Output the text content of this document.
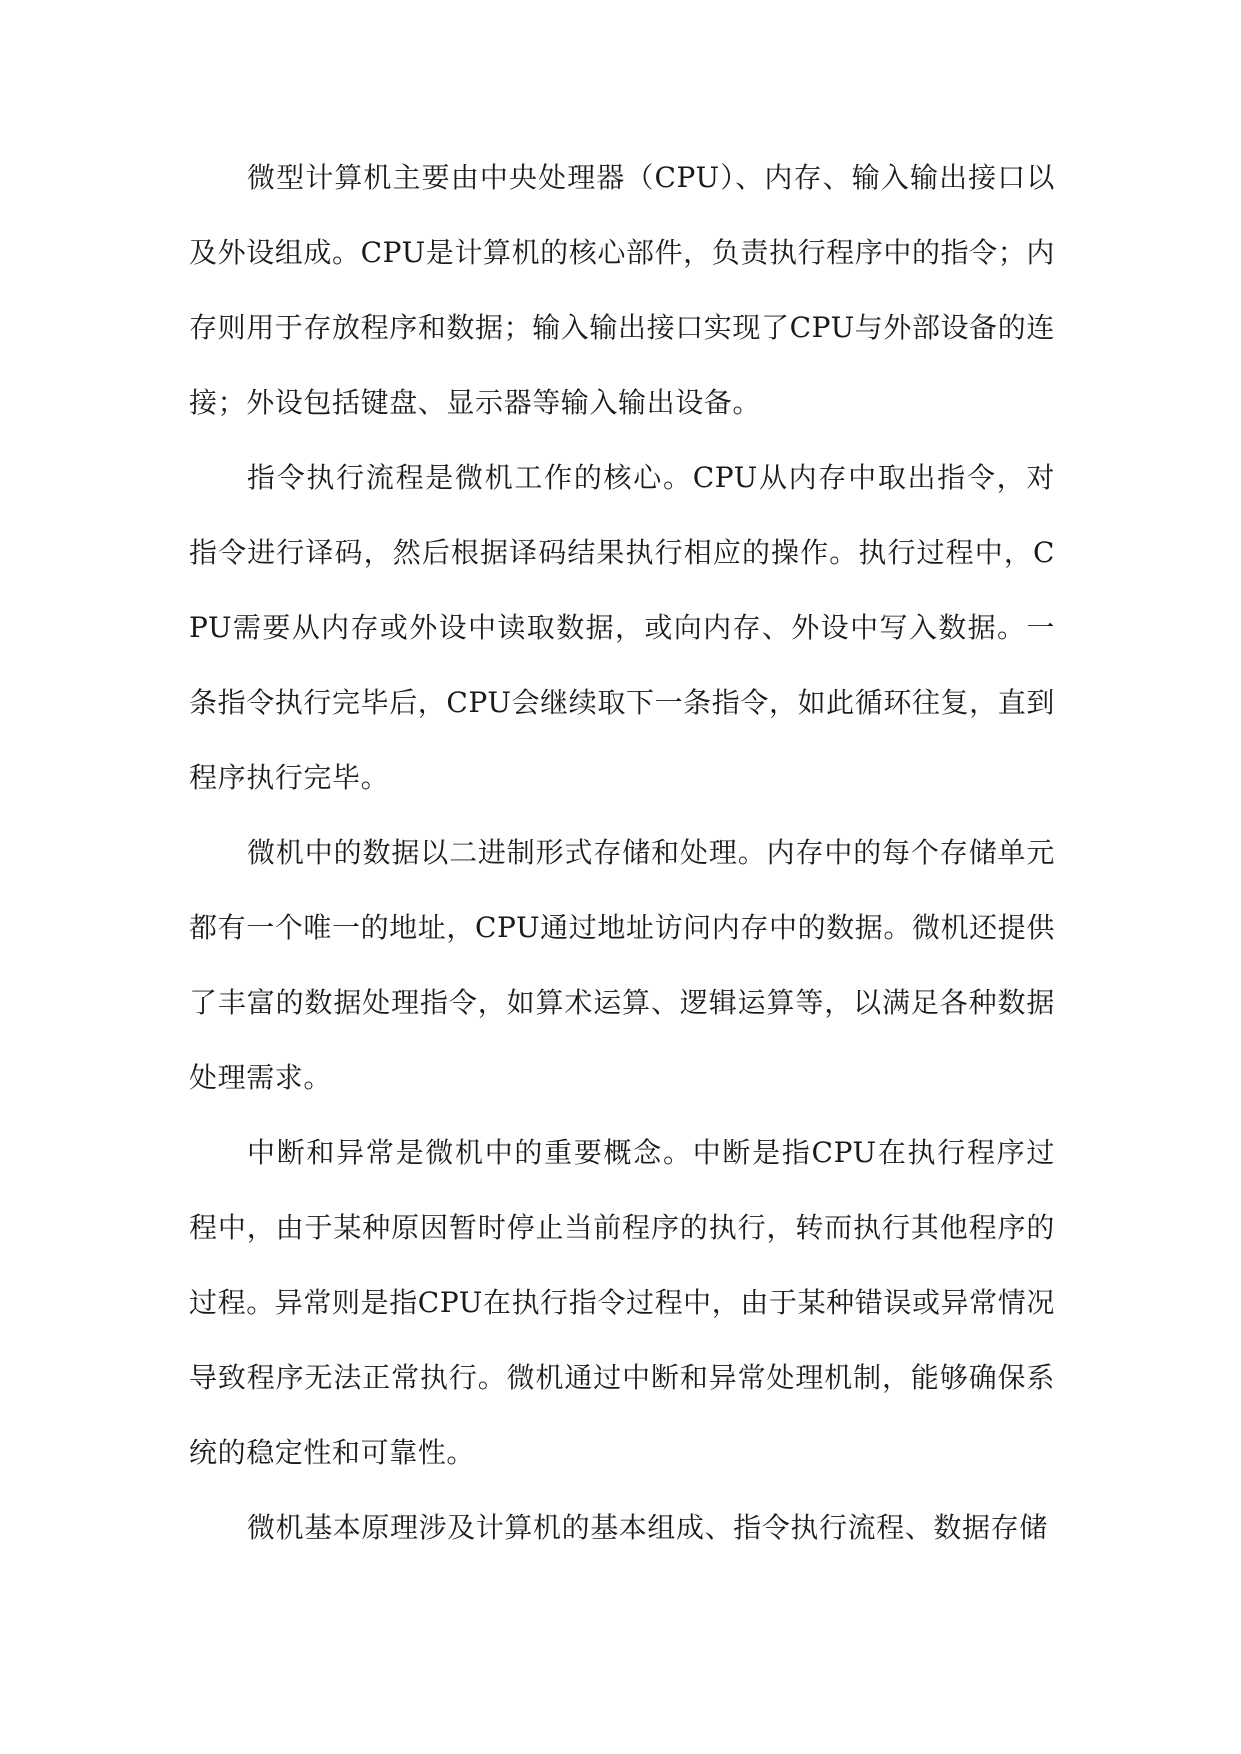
微型计算机主要由中央处理器（CPU）、内存、输入输出接口以及外设组成。CPU是计算机的核心部件，负责执行程序中的指令；内存则用于存放程序和数据；输入输出接口实现了CPU与外部设备的连接；外设包括键盘、显示器等输入输出设备。

指令执行流程是微机工作的核心。CPU从内存中取出指令，对指令进行译码，然后根据译码结果执行相应的操作。执行过程中，CPU需要从内存或外设中读取数据，或向内存、外设中写入数据。一条指令执行完毕后，CPU会继续取下一条指令，如此循环往复，直到程序执行完毕。

微机中的数据以二进制形式存储和处理。内存中的每个存储单元都有一个唯一的地址，CPU通过地址访问内存中的数据。微机还提供了丰富的数据处理指令，如算术运算、逻辑运算等，以满足各种数据处理需求。

中断和异常是微机中的重要概念。中断是指CPU在执行程序过程中，由于某种原因暂时停止当前程序的执行，转而执行其他程序的过程。异常则是指CPU在执行指令过程中，由于某种错误或异常情况导致程序无法正常执行。微机通过中断和异常处理机制，能够确保系统的稳定性和可靠性。

微机基本原理涉及计算机的基本组成、指令执行流程、数据存储
